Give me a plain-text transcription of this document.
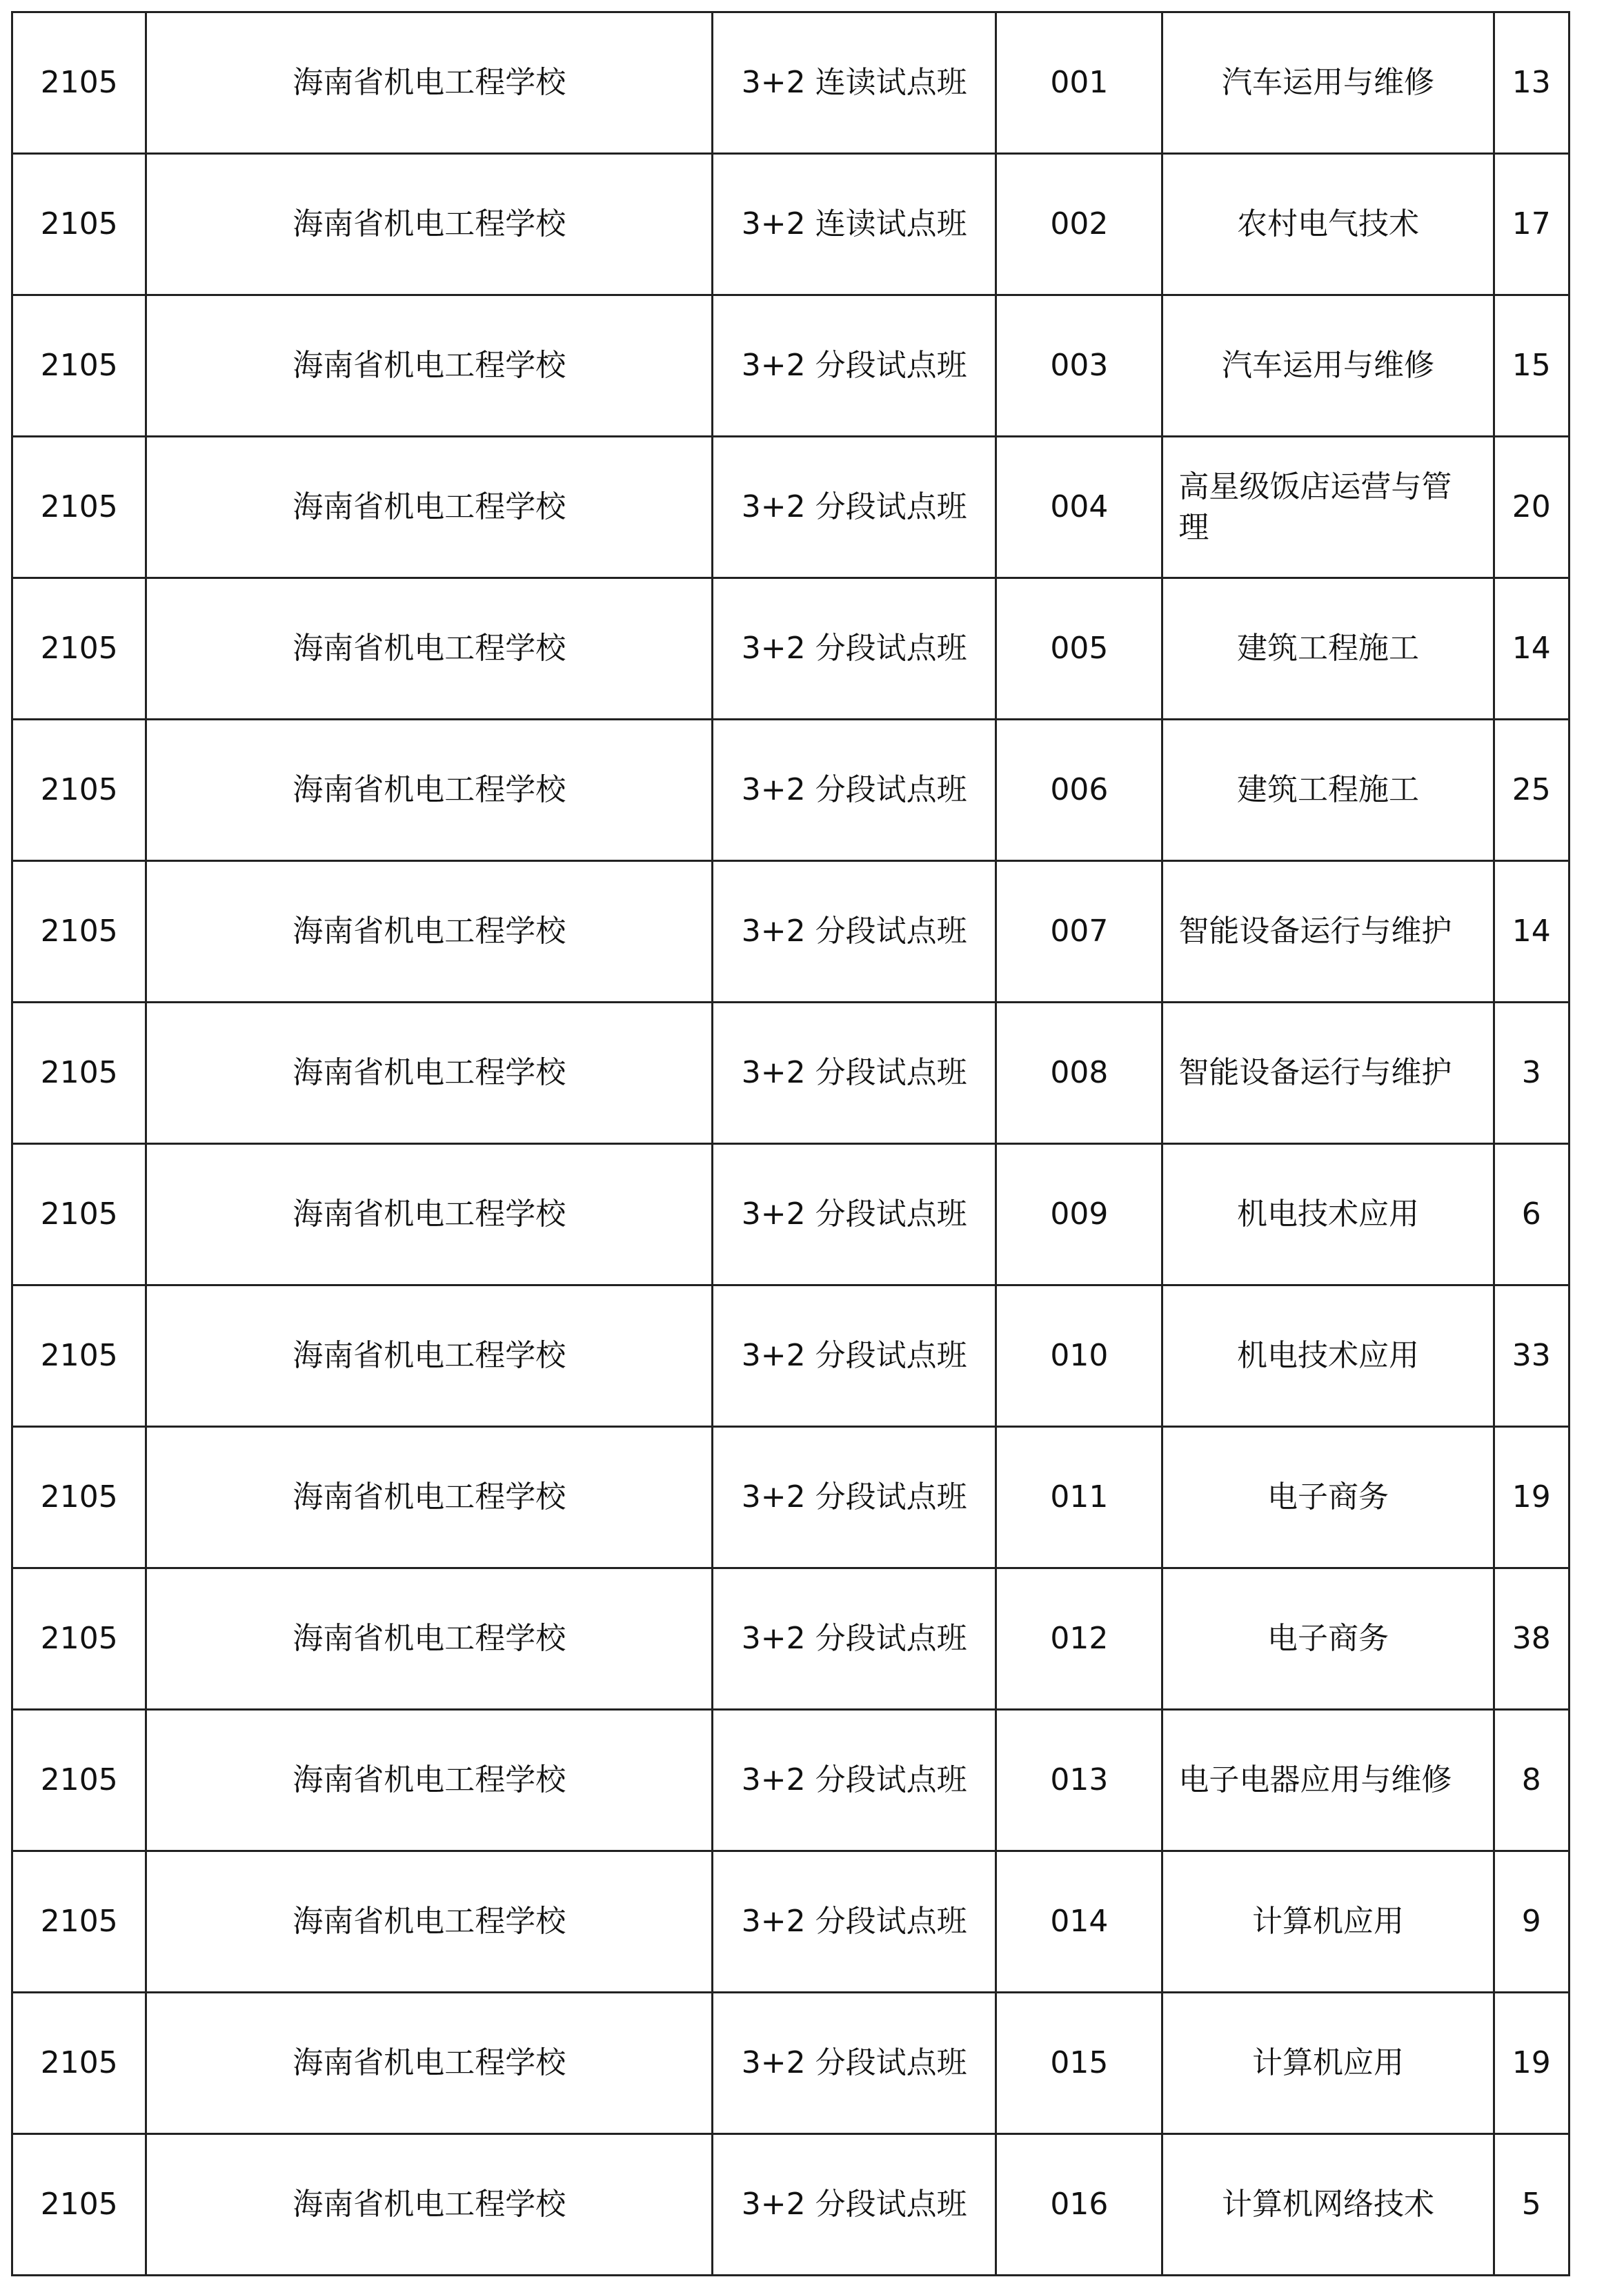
2105	海南省机电工程学校	3+2 连读试点班	001	汽车运用与维修	13
2105	海南省机电工程学校	3+2 连读试点班	002	农村电气技术	17
2105	海南省机电工程学校	3+2 分段试点班	003	汽车运用与维修	15
2105	海南省机电工程学校	3+2 分段试点班	004	高星级饭店运营与管理	20
2105	海南省机电工程学校	3+2 分段试点班	005	建筑工程施工	14
2105	海南省机电工程学校	3+2 分段试点班	006	建筑工程施工	25
2105	海南省机电工程学校	3+2 分段试点班	007	智能设备运行与维护	14
2105	海南省机电工程学校	3+2 分段试点班	008	智能设备运行与维护	3
2105	海南省机电工程学校	3+2 分段试点班	009	机电技术应用	6
2105	海南省机电工程学校	3+2 分段试点班	010	机电技术应用	33
2105	海南省机电工程学校	3+2 分段试点班	011	电子商务	19
2105	海南省机电工程学校	3+2 分段试点班	012	电子商务	38
2105	海南省机电工程学校	3+2 分段试点班	013	电子电器应用与维修	8
2105	海南省机电工程学校	3+2 分段试点班	014	计算机应用	9
2105	海南省机电工程学校	3+2 分段试点班	015	计算机应用	19
2105	海南省机电工程学校	3+2 分段试点班	016	计算机网络技术	5
